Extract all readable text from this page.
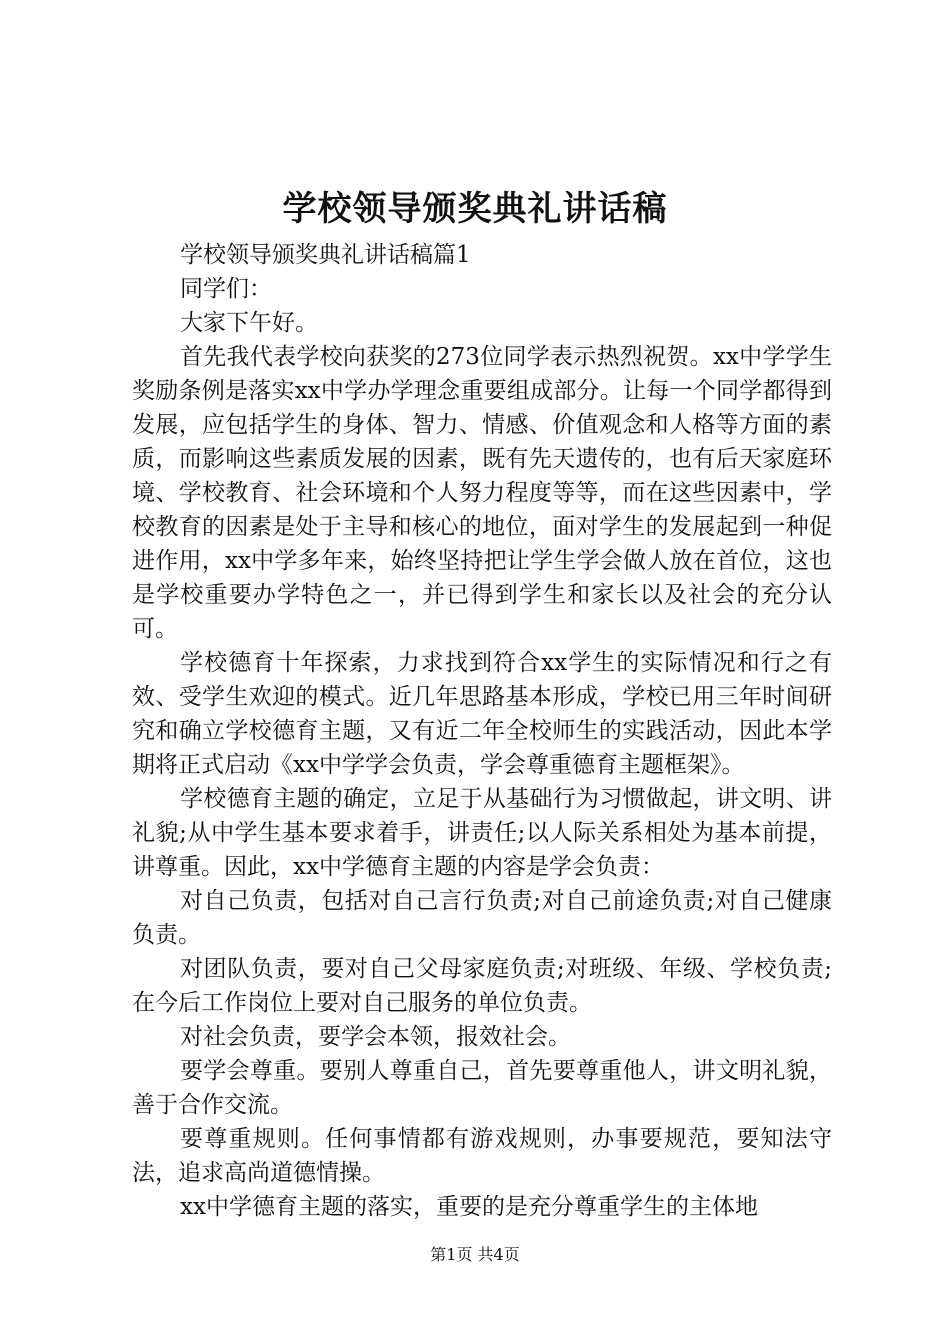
学校领导颁奖典礼讲话稿

学校领导颁奖典礼讲话稿篇1

同学们：

大家下午好。

首先我代表学校向获奖的273位同学表示热烈祝贺。xx中学学生奖励条例是落实xx中学办学理念重要组成部分。让每一个同学都得到发展，应包括学生的身体、智力、情感、价值观念和人格等方面的素质，而影响这些素质发展的因素，既有先天遗传的，也有后天家庭环境、学校教育、社会环境和个人努力程度等等，而在这些因素中，学校教育的因素是处于主导和核心的地位，面对学生的发展起到一种促进作用，xx中学多年来，始终坚持把让学生学会做人放在首位，这也是学校重要办学特色之一，并已得到学生和家长以及社会的充分认可。

学校德育十年探索，力求找到符合xx学生的实际情况和行之有效、受学生欢迎的模式。近几年思路基本形成，学校已用三年时间研究和确立学校德育主题，又有近二年全校师生的实践活动，因此本学期将正式启动《xx中学学会负责，学会尊重德育主题框架》。

学校德育主题的确定，立足于从基础行为习惯做起，讲文明、讲礼貌;从中学生基本要求着手，讲责任;以人际关系相处为基本前提，讲尊重。因此，xx中学德育主题的内容是学会负责：

对自己负责，包括对自己言行负责;对自己前途负责;对自己健康负责。

对团队负责，要对自己父母家庭负责;对班级、年级、学校负责;在今后工作岗位上要对自己服务的单位负责。

对社会负责，要学会本领，报效社会。

要学会尊重。要别人尊重自己，首先要尊重他人，讲文明礼貌，善于合作交流。

要尊重规则。任何事情都有游戏规则，办事要规范，要知法守法，追求高尚道德情操。

xx中学德育主题的落实，重要的是充分尊重学生的主体地

第1页 共4页
